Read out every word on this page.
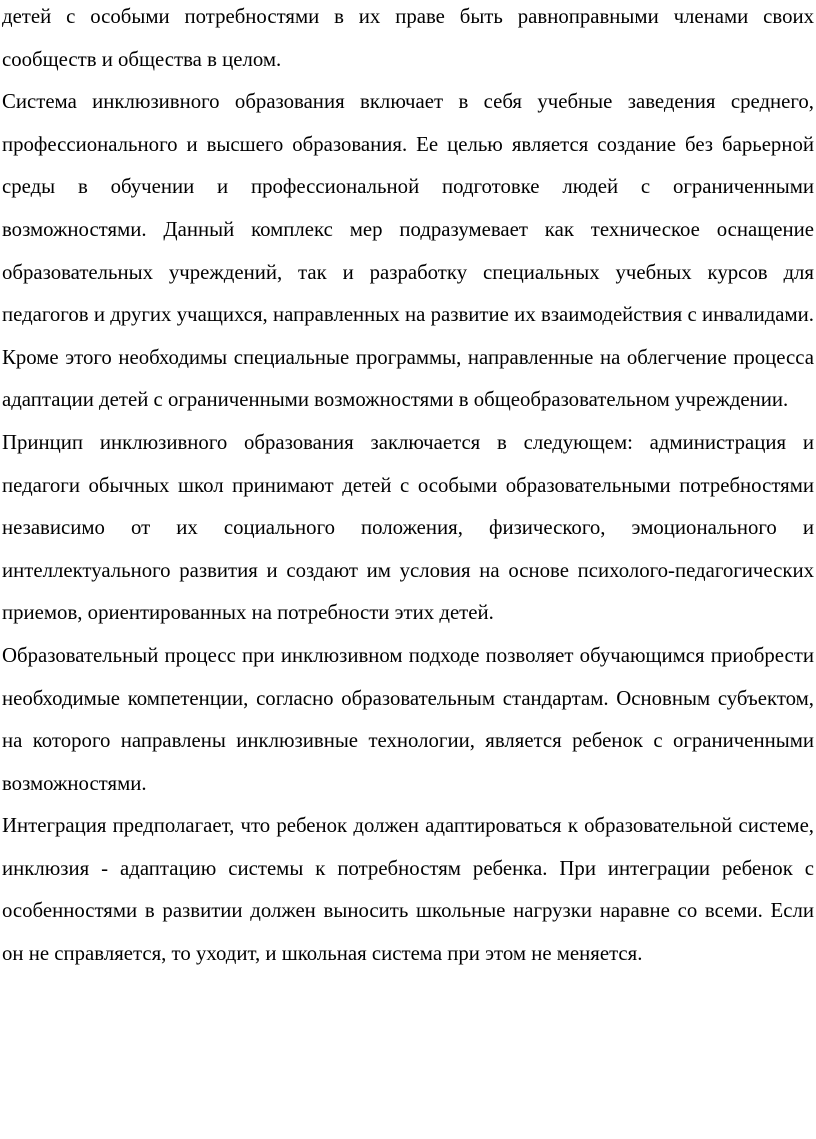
детей с особыми потребностями в их праве быть равноправными членами своих сообществ и общества в целом.

Система инклюзивного образования включает в себя учебные заведения среднего, профессионального и высшего образования. Ее целью является создание без барьерной среды в обучении и профессиональной подготовке людей с ограниченными возможностями. Данный комплекс мер подразумевает как техническое оснащение образовательных учреждений, так и разработку специальных учебных курсов для педагогов и других учащихся, направленных на развитие их взаимодействия с инвалидами. Кроме этого необходимы специальные программы, направленные на облегчение процесса адаптации детей с ограниченными возможностями в общеобразовательном учреждении.

Принцип инклюзивного образования заключается в следующем: администрация и педагоги обычных школ принимают детей с особыми образовательными потребностями независимо от их социального положения, физического, эмоционального и интеллектуального развития и создают им условия на основе психолого-педагогических приемов, ориентированных на потребности этих детей.

Образовательный процесс при инклюзивном подходе позволяет обучающимся приобрести необходимые компетенции, согласно образовательным стандартам. Основным субъектом, на которого направлены инклюзивные технологии, является ребенок с ограниченными возможностями.

Интеграция предполагает, что ребенок должен адаптироваться к образовательной системе, инклюзия - адаптацию системы к потребностям ребенка. При интеграции ребенок с особенностями в развитии должен выносить школьные нагрузки наравне со всеми. Если он не справляется, то уходит, и школьная система при этом не меняется.
